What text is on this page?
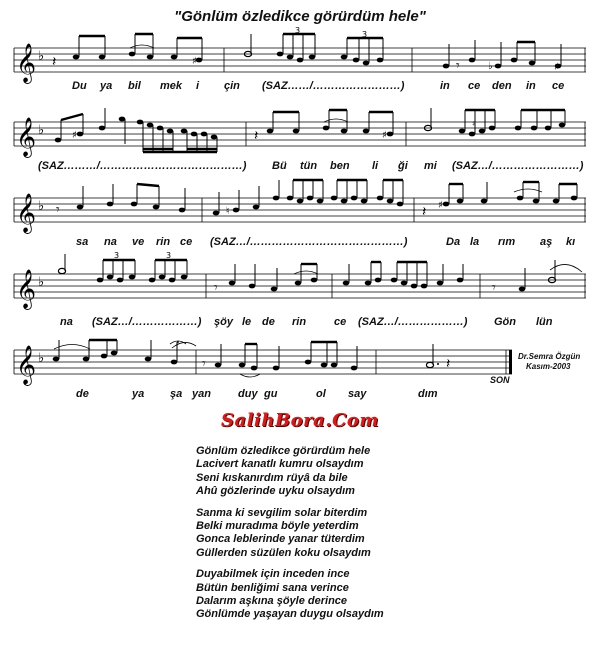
"Gönlüm özledikce görürdüm hele"
𝄞 ♭ 𝄽
3	3
♯	𝄾	♭	♯
Du ya bil mek i çin (SAZ……/……………………)	in ce den in ce
𝄞 ♭	♯	♯
𝄽
♯
(SAZ………/…………………………………) Bü tün ben li ği mi (SAZ…/……………………)
𝄞 ♭ 𝄾	𝄽 ♯
♮
sa na ve rin ce (SAZ…/……………………………………)	Da la rım aş kı
𝄞 ♭
3	3
𝄾	𝄾
na (SAZ…/………………) şöy le de rin	ce (SAZ…/………………) Gön lün
𝄞 ♭	𝄾	𝄽
de	ya şa yan duy gu	ol say	dım
SON
Dr.Semra Özgün
Kasım-2003
SalihBora.Com
Gönlüm özledikce görürdüm hele
Lacivert kanatlı kumru olsaydım
Seni kıskanırdım rüyâ da bile
Ahû gözlerinde uyku olsaydım
Sanma ki sevgilim solar biterdim
Belki muradıma böyle yeterdim
Gonca leblerinde yanar tüterdim
Güllerden süzülen koku olsaydım
Duyabilmek için inceden ince
Bütün benliğimi sana verince
Dalarım aşkına şöyle derince
Gönlümde yaşayan duygu olsaydım
